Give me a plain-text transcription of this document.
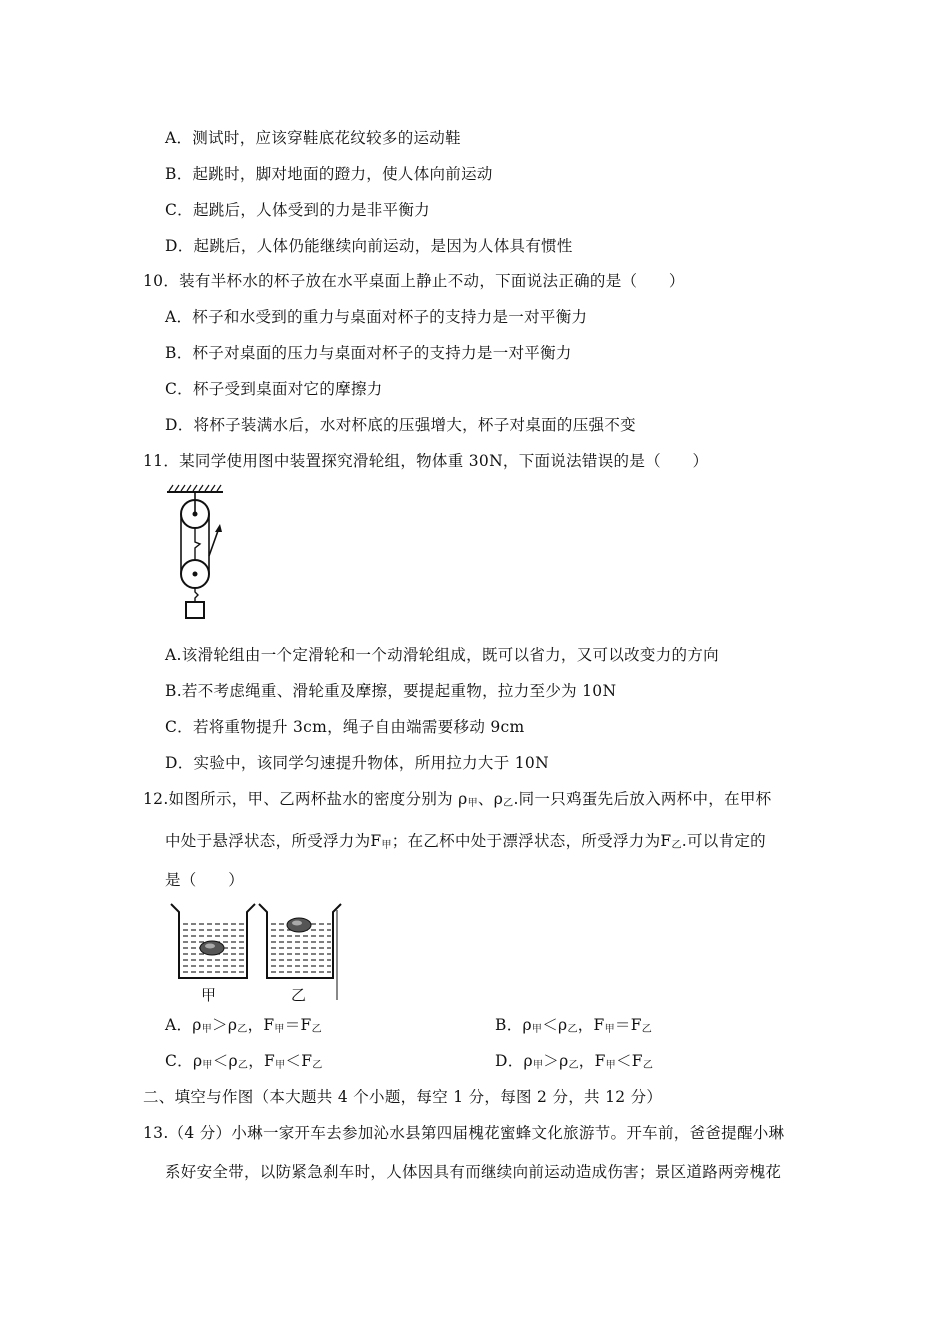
A．测试时，应该穿鞋底花纹较多的运动鞋
B．起跳时，脚对地面的蹬力，使人体向前运动
C．起跳后，人体受到的力是非平衡力
D．起跳后，人体仍能继续向前运动，是因为人体具有惯性
10．装有半杯水的杯子放在水平桌面上静止不动，下面说法正确的是（　　）
A．杯子和水受到的重力与桌面对杯子的支持力是一对平衡力
B．杯子对桌面的压力与桌面对杯子的支持力是一对平衡力
C．杯子受到桌面对它的摩擦力
D．将杯子装满水后，水对杯底的压强增大，杯子对桌面的压强不变
11．某同学使用图中装置探究滑轮组，物体重 30N，下面说法错误的是（　　）
A.该滑轮组由一个定滑轮和一个动滑轮组成，既可以省力，又可以改变力的方向
B.若不考虑绳重、滑轮重及摩擦，要提起重物，拉力至少为 10N
C．若将重物提升 3cm，绳子自由端需要移动 9cm
D．实验中，该同学匀速提升物体，所用拉力大于 10N
12.如图所示，甲、乙两杯盐水的密度分别为 $\rho_甲$、$\rho_乙$.同一只鸡蛋先后放入两杯中，在甲杯
中处于悬浮状态，所受浮力为$F_甲$；在乙杯中处于漂浮状态，所受浮力为$F_乙$.可以肯定的
是（　　）
甲	乙
A．$\rho_甲>\rho_乙$，$F_甲=F_乙$	B．$\rho_甲<\rho_乙$，$F_甲=F_乙$
C．$\rho_甲<\rho_乙$，$F_甲<F_乙$	D．$\rho_甲>\rho_乙$，$F_甲<F_乙$
二、填空与作图（本大题共 4 个小题，每空 1 分，每图 2 分，共 12 分）
13.（4 分）小琳一家开车去参加沁水县第四届槐花蜜蜂文化旅游节。开车前，爸爸提醒小琳
系好安全带，以防紧急刹车时，人体因具有而继续向前运动造成伤害；景区道路两旁槐花
